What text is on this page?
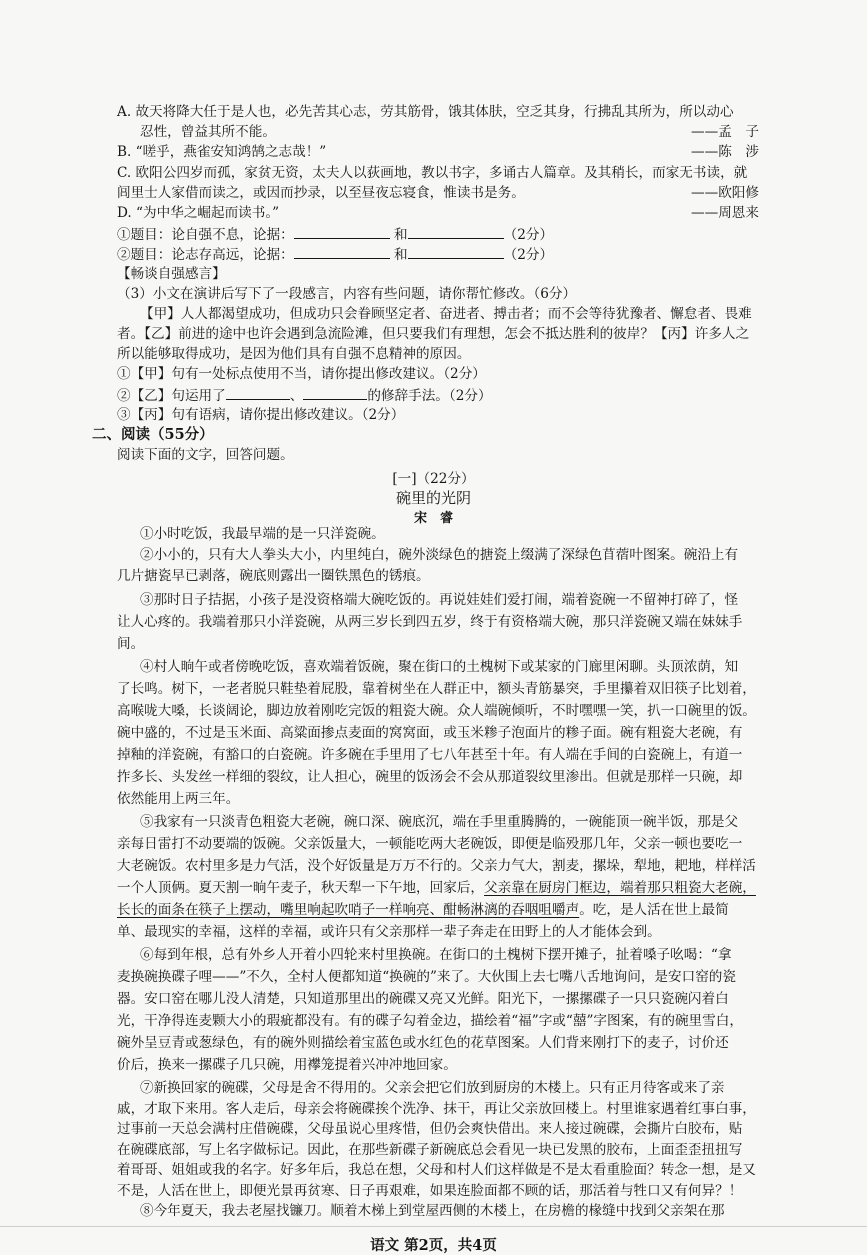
A. 故天将降大任于是人也，必先苦其心志，劳其筋骨，饿其体肤，空乏其身，行拂乱其所为，所以动心
忍性，曾益其所不能。	——孟　子
B. “嗟乎，燕雀安知鸿鹄之志哉！”	——陈　涉
C. 欧阳公四岁而孤，家贫无资，太夫人以荻画地，教以书字，多诵古人篇章。及其稍长，而家无书读，就
闾里士人家借而读之，或因而抄录，以至昼夜忘寝食，惟读书是务。	——欧阳修
D. “为中华之崛起而读书。”	——周恩来
①题目：论自强不息，论据：	和	（2分）
②题目：论志存高远，论据：	和	（2分）
【畅谈自强感言】
（3）小文在演讲后写下了一段感言，内容有些问题，请你帮忙修改。（6分）
【甲】人人都渴望成功，但成功只会眷顾坚定者、奋进者、搏击者；而不会等待犹豫者、懈怠者、畏难
者。【乙】前进的途中也许会遇到急流险滩，但只要我们有理想，怎会不抵达胜利的彼岸？【丙】许多人之
所以能够取得成功，是因为他们具有自强不息精神的原因。
①【甲】句有一处标点使用不当，请你提出修改建议。（2分）
②【乙】句运用了	、	的修辞手法。（2分）
③【丙】句有语病，请你提出修改建议。（2分）
二、阅读（55分）
阅读下面的文字，回答问题。
[一]（22分）
碗里的光阴
宋　睿
①小时吃饭，我最早端的是一只洋瓷碗。
②小小的，只有大人拳头大小，内里纯白，碗外淡绿色的搪瓷上缀满了深绿色苜蓿叶图案。碗沿上有
几片搪瓷早已剥落，碗底则露出一圈铁黑色的锈痕。
③那时日子拮据，小孩子是没资格端大碗吃饭的。再说娃娃们爱打闹，端着瓷碗一不留神打碎了，怪
让人心疼的。我端着那只小洋瓷碗，从两三岁长到四五岁，终于有资格端大碗，那只洋瓷碗又端在妹妹手
间。
④村人晌午或者傍晚吃饭，喜欢端着饭碗，聚在街口的土槐树下或某家的门廊里闲聊。头顶浓荫，知
了长鸣。树下，一老者脱只鞋垫着屁股，靠着树坐在人群正中，额头青筋暴突，手里攥着双旧筷子比划着，
高喉咙大嗓，长谈阔论，脚边放着刚吃完饭的粗瓷大碗。众人端碗倾听，不时嘿嘿一笑，扒一口碗里的饭。
碗中盛的，不过是玉米面、高粱面掺点麦面的窝窝面，或玉米糁子泡面片的糁子面。碗有粗瓷大老碗，有
掉釉的洋瓷碗，有豁口的白瓷碗。许多碗在手里用了七八年甚至十年。有人端在手间的白瓷碗上，有道一
拃多长、头发丝一样细的裂纹，让人担心，碗里的饭汤会不会从那道裂纹里渗出。但就是那样一只碗，却
依然能用上两三年。
⑤我家有一只淡青色粗瓷大老碗，碗口深、碗底沉，端在手里重腾腾的，一碗能顶一碗半饭，那是父
亲每日雷打不动要端的饭碗。父亲饭量大，一顿能吃两大老碗饭，即便是临殁那几年，父亲一顿也要吃一
大老碗饭。农村里多是力气活，没个好饭量是万万不行的。父亲力气大，割麦，摞垛，犁地，耙地，样样活
一个人顶俩。夏天割一晌午麦子，秋天犁一下午地，回家后，父亲靠在厨房门框边，端着那只粗瓷大老碗，
长长的面条在筷子上摆动，嘴里响起吹哨子一样响亮、酣畅淋漓的吞咽咀嚼声。吃，是人活在世上最简
单、最现实的幸福，这样的幸福，或许只有父亲那样一辈子奔走在田野上的人才能体会到。
⑥每到年根，总有外乡人开着小四轮来村里换碗。在街口的土槐树下摆开摊子，扯着嗓子吆喝：“拿
麦换碗换碟子哩——”不久，全村人便都知道“换碗的”来了。大伙围上去七嘴八舌地询问，是安口窑的瓷
器。安口窑在哪儿没人清楚，只知道那里出的碗碟又亮又光鲜。阳光下，一摞摞碟子一只只瓷碗闪着白
光，干净得连麦颗大小的瑕疵都没有。有的碟子勾着金边，描绘着“福”字或“囍”字图案，有的碗里雪白，
碗外呈豆青或葱绿色，有的碗外则描绘着宝蓝色或水红色的花草图案。人们背来刚打下的麦子，讨价还
价后，换来一摞碟子几只碗，用襻笼提着兴冲冲地回家。
⑦新换回家的碗碟，父母是舍不得用的。父亲会把它们放到厨房的木楼上。只有正月待客或来了亲
戚，才取下来用。客人走后，母亲会将碗碟挨个洗净、抹干，再让父亲放回楼上。村里谁家遇着红事白事，
过事前一天总会满村庄借碗碟，父母虽说心里疼惜，但仍会爽快借出。来人接过碗碟，会撕片白胶布，贴
语文 第2页，共4页
在碗碟底部，写上名字做标记。因此，在那些新碟子新碗底总会看见一块已发黑的胶布，上面歪歪扭扭写
着哥哥、姐姐或我的名字。好多年后，我总在想，父母和村人们这样做是不是太看重脸面？转念一想，是又
不是，人活在世上，即便光景再贫寒、日子再艰难，如果连脸面都不顾的话，那活着与牲口又有何异？！
⑧今年夏天，我去老屋找镰刀。顺着木梯上到堂屋西侧的木楼上，在房檐的椽缝中找到父亲架在那
